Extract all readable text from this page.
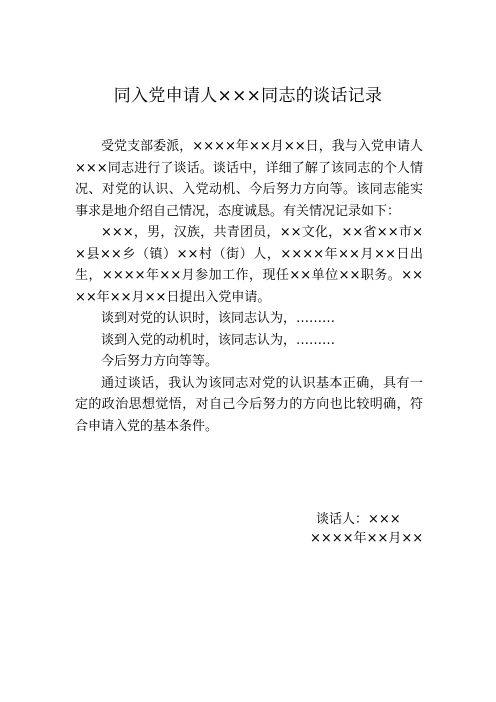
同入党申请人×××同志的谈话记录

受党支部委派，××××年××月××日，我与入党申请人×××同志进行了谈话。谈话中，详细了解了该同志的个人情况、对党的认识、入党动机、今后努力方向等。该同志能实事求是地介绍自己情况，态度诚恳。有关情况记录如下：

×××，男，汉族，共青团员，××文化，××省××市××县××乡（镇）××村（街）人，××××年××月××日出生，××××年××月参加工作，现任××单位××职务。××××年××月××日提出入党申请。

谈到对党的认识时，该同志认为，………

谈到入党的动机时，该同志认为，………

今后努力方向等等。

通过谈话，我认为该同志对党的认识基本正确，具有一定的政治思想觉悟，对自己今后努力的方向也比较明确，符合申请入党的基本条件。

谈话人：×××
××××年××月××
